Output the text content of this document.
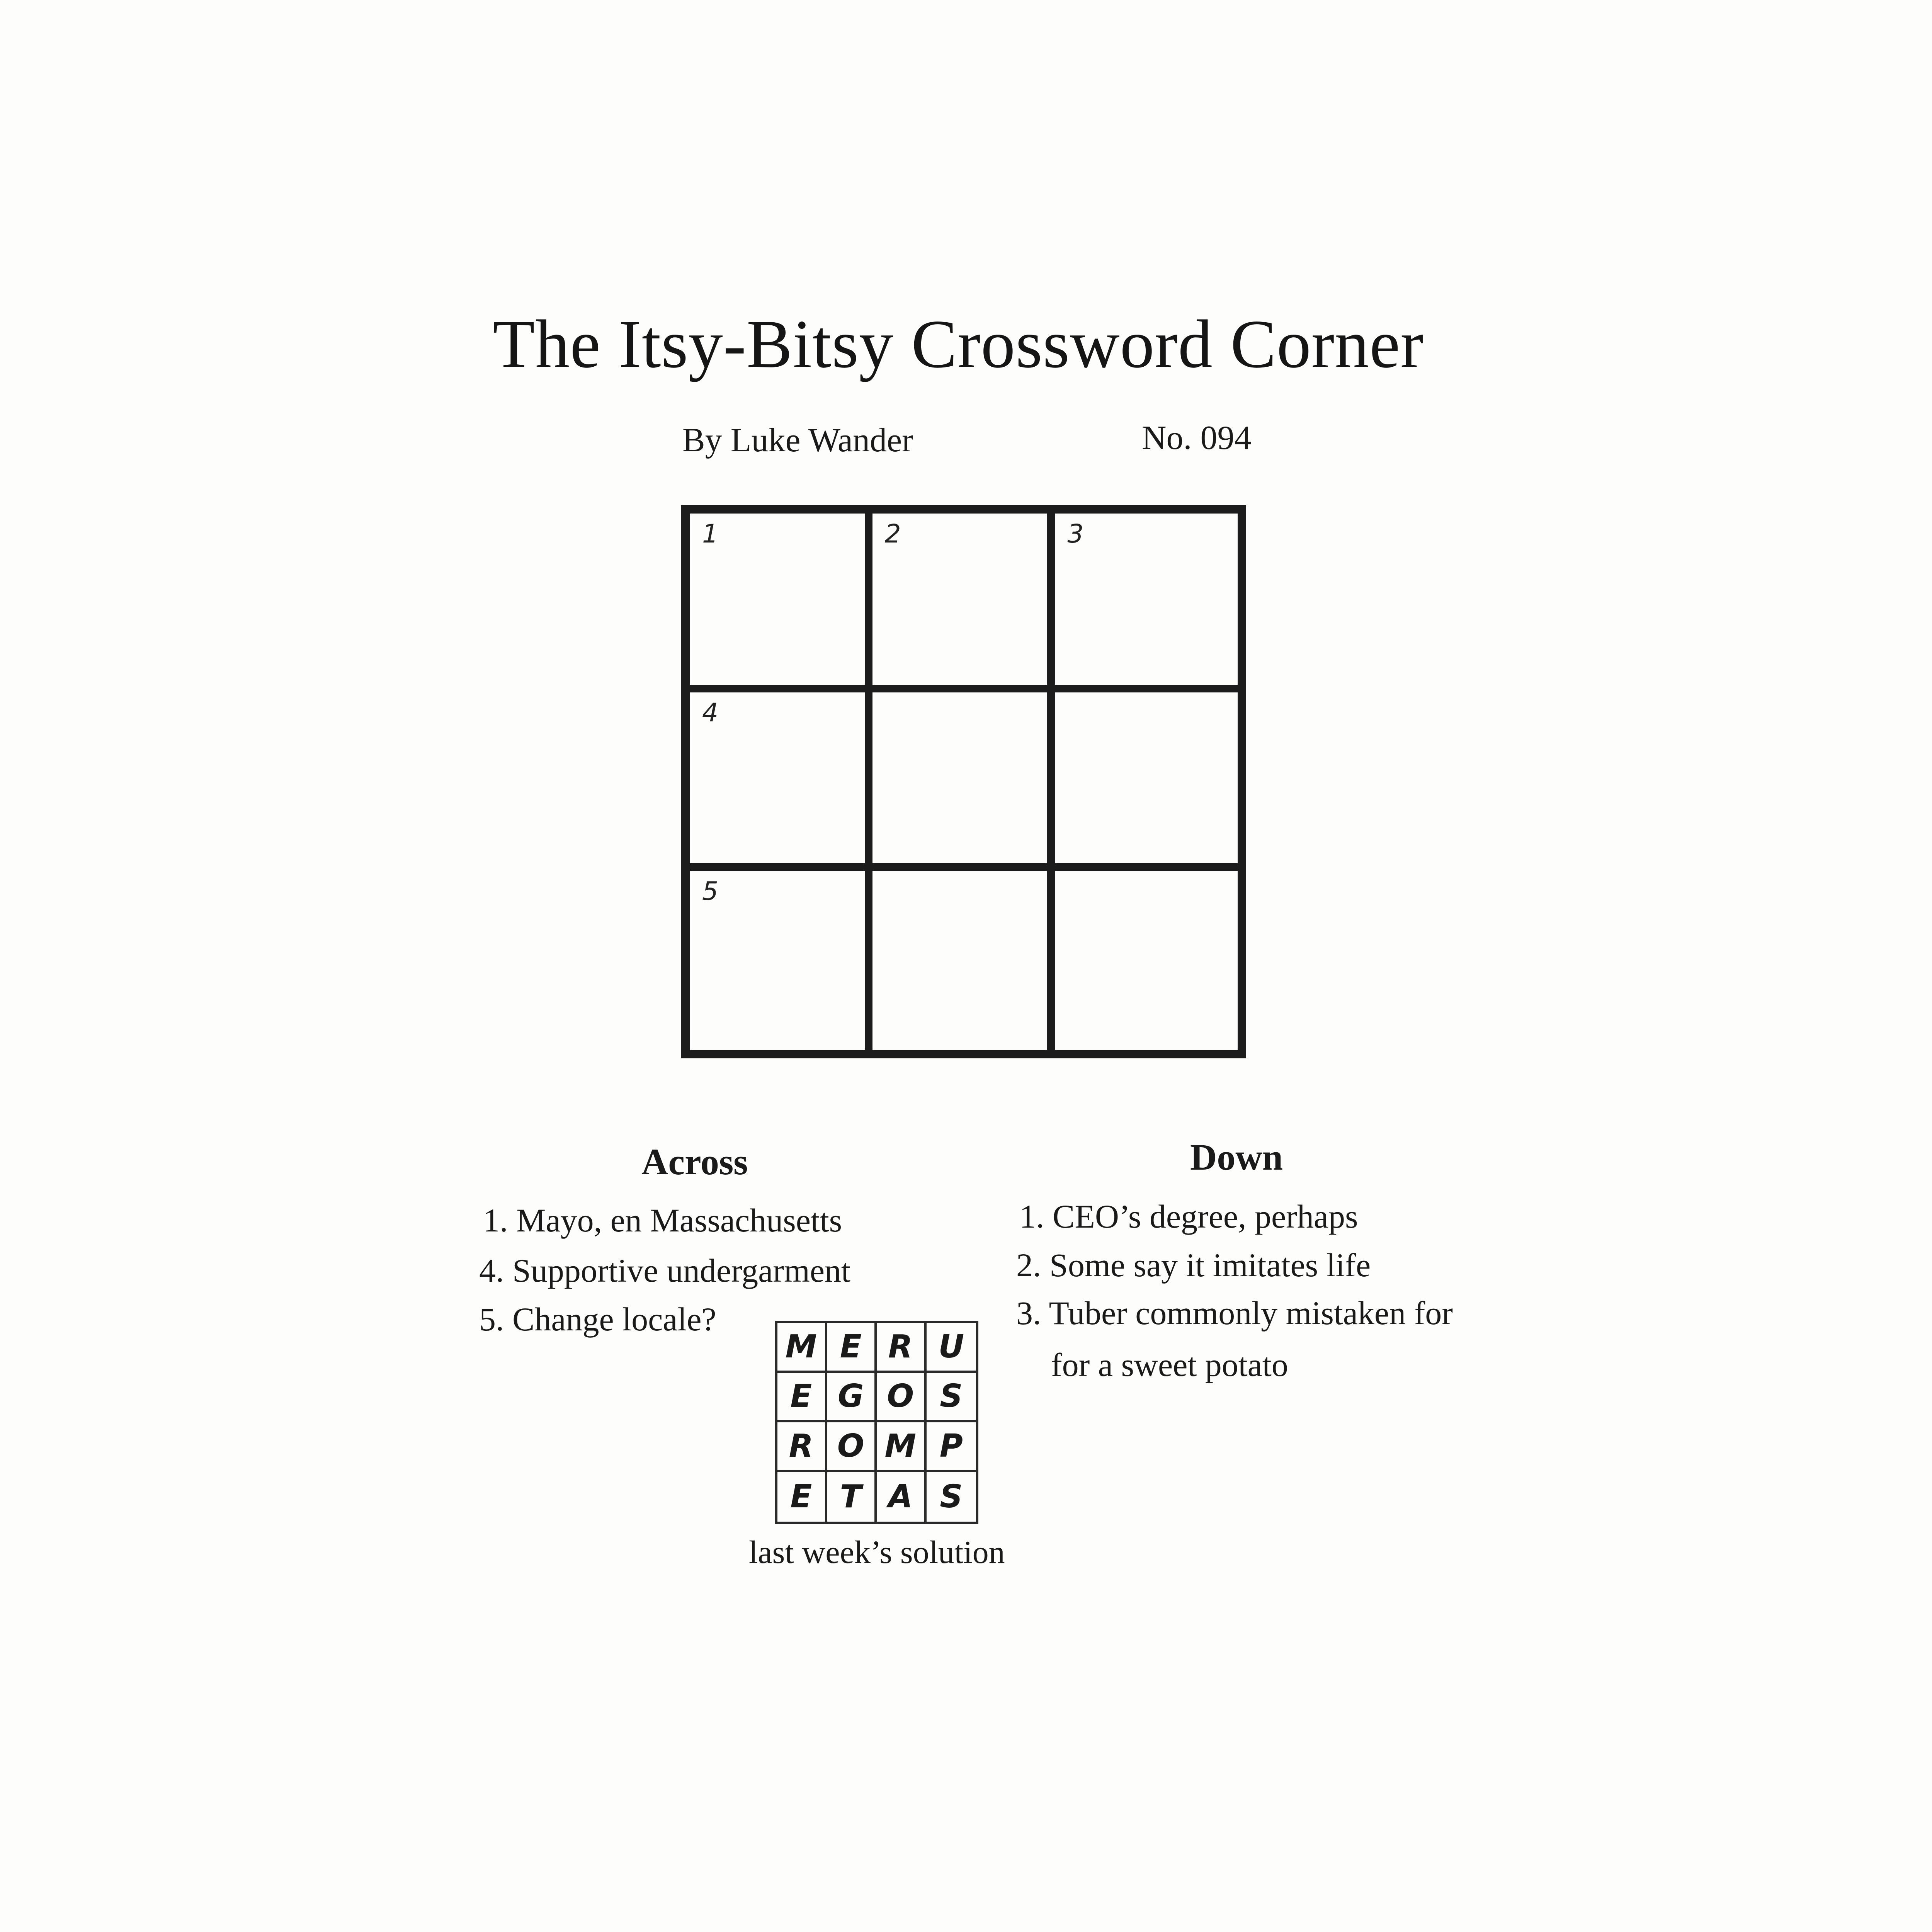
The Itsy-Bitsy Crossword Corner
By Luke Wander	No. 094
1	2	3
4
5
Across
1. Mayo, en Massachusetts
4. Supportive undergarment
5. Change locale?
Down
1. CEO’s degree, perhaps
2. Some say it imitates life
3. Tuber commonly mistaken for
for a sweet potato
M E R U
E G O S
R O M P
E T A S
last week’s solution
